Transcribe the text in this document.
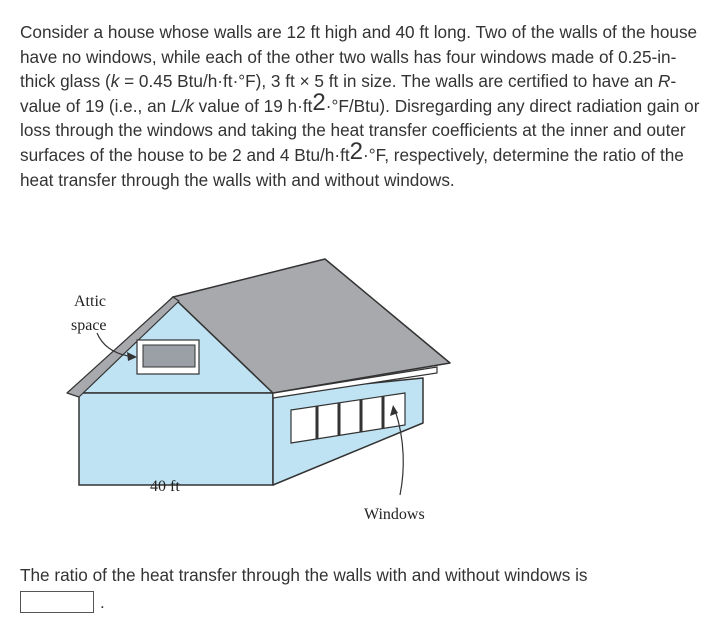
Consider a house whose walls are 12 ft high and 40 ft long. Two of the walls of the house have no windows, while each of the other two walls has four windows made of 0.25-in-thick glass (k = 0.45 Btu/h·ft·°F), 3 ft × 5 ft in size. The walls are certified to have an R-value of 19 (i.e., an L/k value of 19 $h\cdot ft^2\cdot^\circ F/Btu$). Disregarding any direct radiation gain or loss through the windows and taking the heat transfer coefficients at the inner and outer surfaces of the house to be 2 and 4 Btu/$h\cdot ft^2\cdot^\circ F$, respectively, determine the ratio of the heat transfer through the walls with and without windows.
Attic
space
40 ft
Windows
The ratio of the heat transfer through the walls with and without windows is
.
